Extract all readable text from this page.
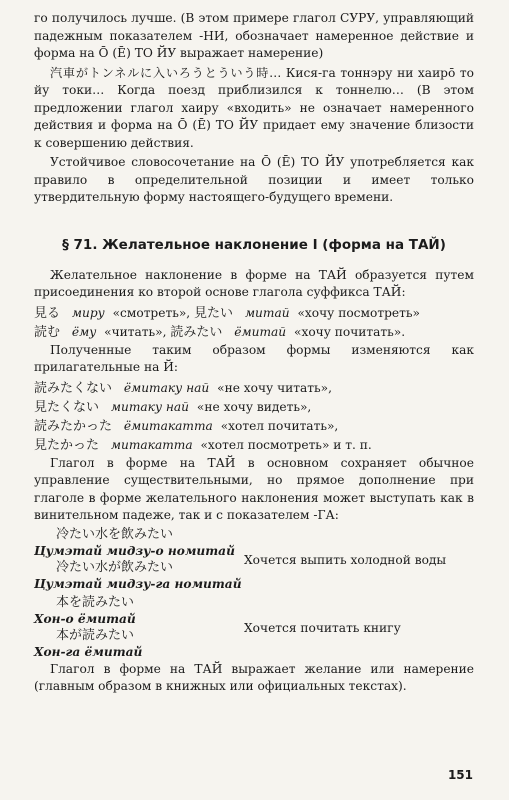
го получилось лучше. (В этом примере глагол СУРУ, управляющий падежным показателем -НИ, обозначает намеренное действие и форма на Ō (Ē) ТО ЙУ выражает намерение)

汽車がトンネルに入いろうとういう時… Кися-га тоннэру ни хаиро̄ то йу токи… Когда поезд приблизился к тоннелю… (В этом предложении глагол хаиру «входить» не означает намеренного действия и форма на Ō (Ē) ТО ЙУ придает ему значение близости к совершению действия.

Устойчивое словосочетание на Ō (Ē) ТО ЙУ употребляется как правило в определительной позиции и имеет только утвердительную форму настоящего-будущего времени.

§ 71. Желательное наклонение I (форма на ТАЙ)

Желательное наклонение в форме на ТАЙ образуется путем присоединения ко второй основе глагола суффикса ТАЙ:

見る миру «смотреть», 見たい митай «хочу посмотреть»
読む ёму «читать», 読みたい ёмитай «хочу почитать».

Полученные таким образом формы изменяются как прилагательные на Й:

読みたくない ёмитаку най «не хочу читать»,
見たくない митаку най «не хочу видеть»,
読みたかった ёмитакатта «хотел почитать»,
見たかった митакатта «хотел посмотреть» и т. п.

Глагол в форме на ТАЙ в основном сохраняет обычное управление существительными, но прямое дополнение при глаголе в форме желательного наклонения может выступать как в винительном падеже, так и с показателем -ГА:

冷たい水を飲みたい
Цумэтай мидзу-о номитай
冷たい水が飲みたい
Цумэтай мидзу-га номитай
Хочется выпить холодной воды
本を読みたい
Хон-о ёмитай
本が読みたい
Хон-га ёмитай
Хочется почитать книгу

Глагол в форме на ТАЙ выражает желание или намерение (главным образом в книжных или официальных текстах).

151
